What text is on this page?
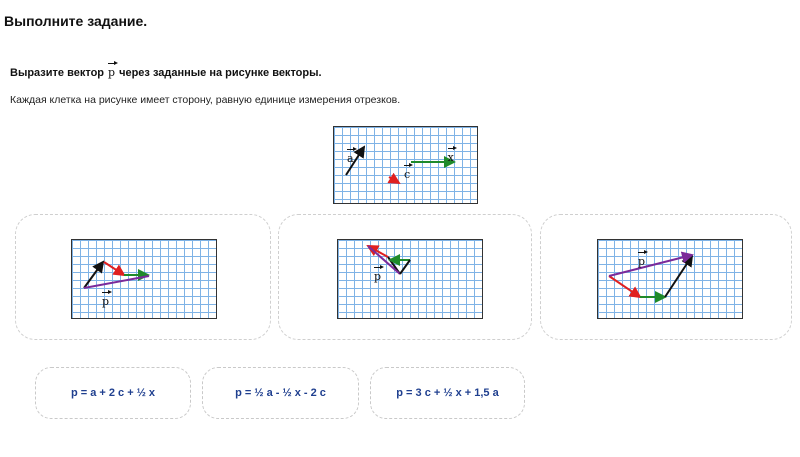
Выполните задание.
Выразите вектор p через заданные на рисунке векторы.
Каждая клетка на рисунке имеет сторону, равную единице измерения отрезков.
a c x
p
p
p
p = a + 2 c + ½ x	p = ½ a - ½ x - 2 c	p = 3 c + ½ x + 1,5 a
